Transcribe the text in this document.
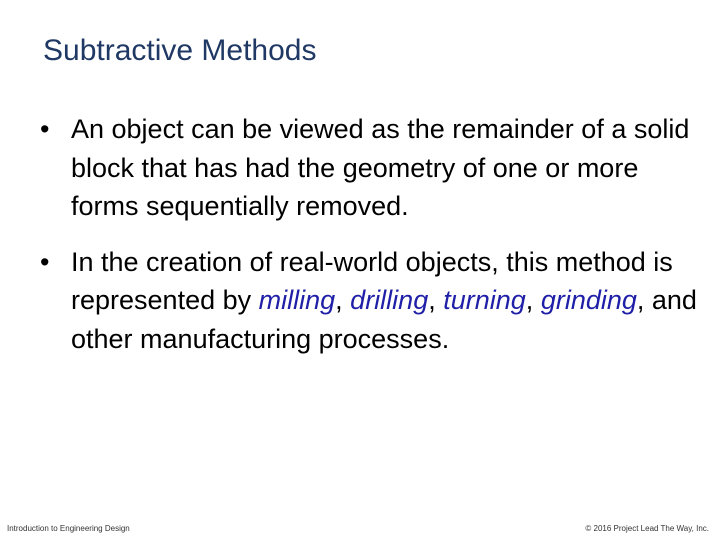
Subtractive Methods
• An object can be viewed as the remainder of a solid block that has had the geometry of one or more forms sequentially removed.
• In the creation of real-world objects, this method is represented by milling, drilling, turning, grinding, and other manufacturing processes.
Introduction to Engineering Design	© 2016 Project Lead The Way, Inc.
